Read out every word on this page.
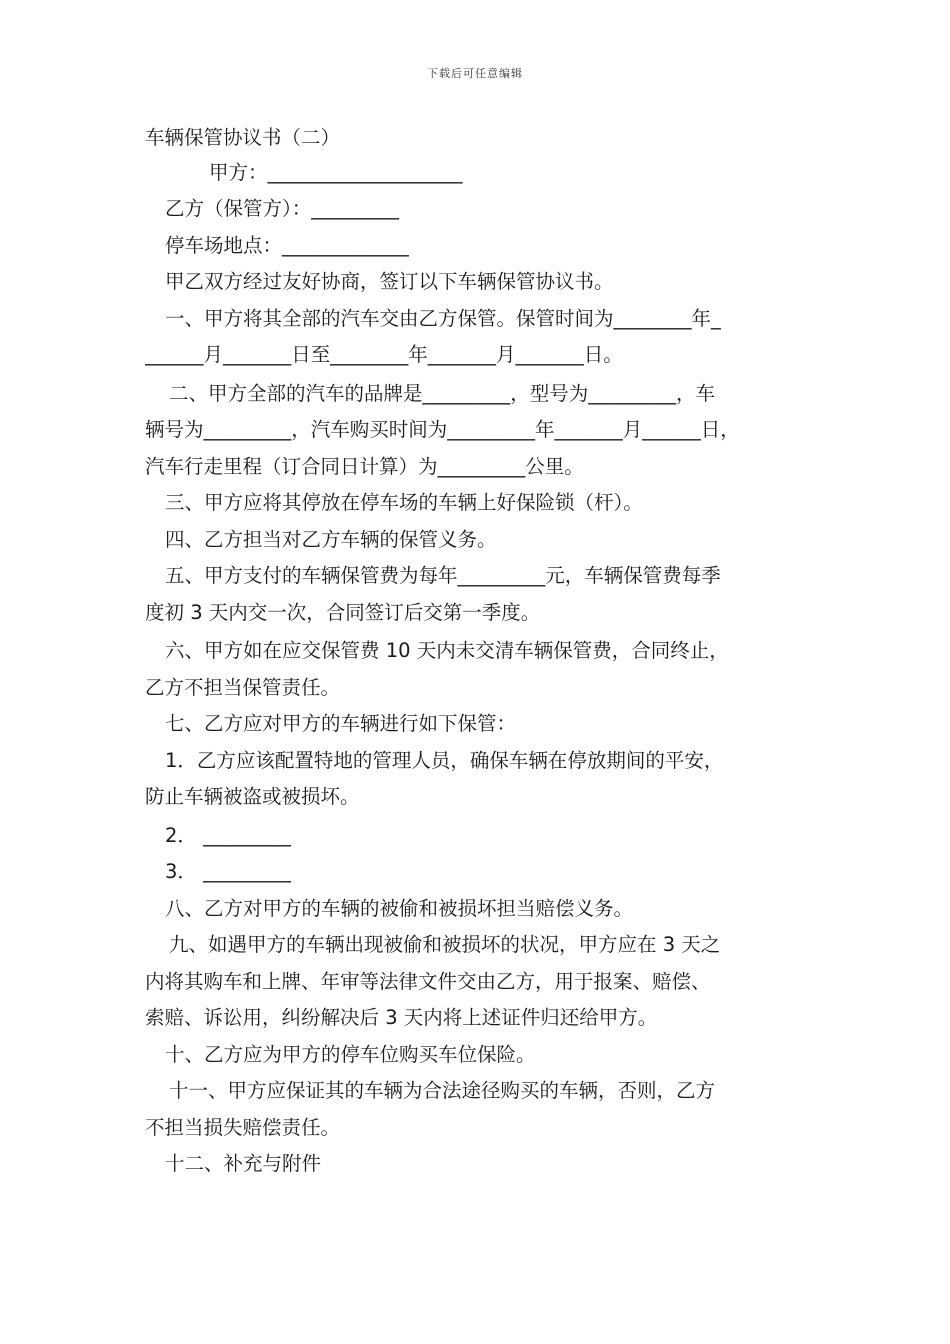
下载后可任意编辑

车辆保管协议书（二）

甲方：____________________

乙方（保管方）：_________

停车场地点：_____________

甲乙双方经过友好协商，签订以下车辆保管协议书。

一、甲方将其全部的汽车交由乙方保管。保管时间为________年_

______月_______日至________年_______月_______日。

二、甲方全部的汽车的品牌是_________，型号为_________，车

辆号为_________，汽车购买时间为_________年_______月______日，

汽车行走里程（订合同日计算）为_________公里。

三、甲方应将其停放在停车场的车辆上好保险锁（杆）。

四、乙方担当对乙方车辆的保管义务。

五、甲方支付的车辆保管费为每年_________元，车辆保管费每季

度初 3 天内交一次，合同签订后交第一季度。

六、甲方如在应交保管费 10 天内未交清车辆保管费，合同终止，

乙方不担当保管责任。

七、乙方应对甲方的车辆进行如下保管：

1．乙方应该配置特地的管理人员，确保车辆在停放期间的平安，

防止车辆被盗或被损坏。

2． _________

3． _________

八、乙方对甲方的车辆的被偷和被损坏担当赔偿义务。

九、如遇甲方的车辆出现被偷和被损坏的状况，甲方应在 3 天之

内将其购车和上牌、年审等法律文件交由乙方，用于报案、赔偿、

索赔、诉讼用，纠纷解决后 3 天内将上述证件归还给甲方。

十、乙方应为甲方的停车位购买车位保险。

十一、甲方应保证其的车辆为合法途径购买的车辆，否则，乙方

不担当损失赔偿责任。

十二、补充与附件
